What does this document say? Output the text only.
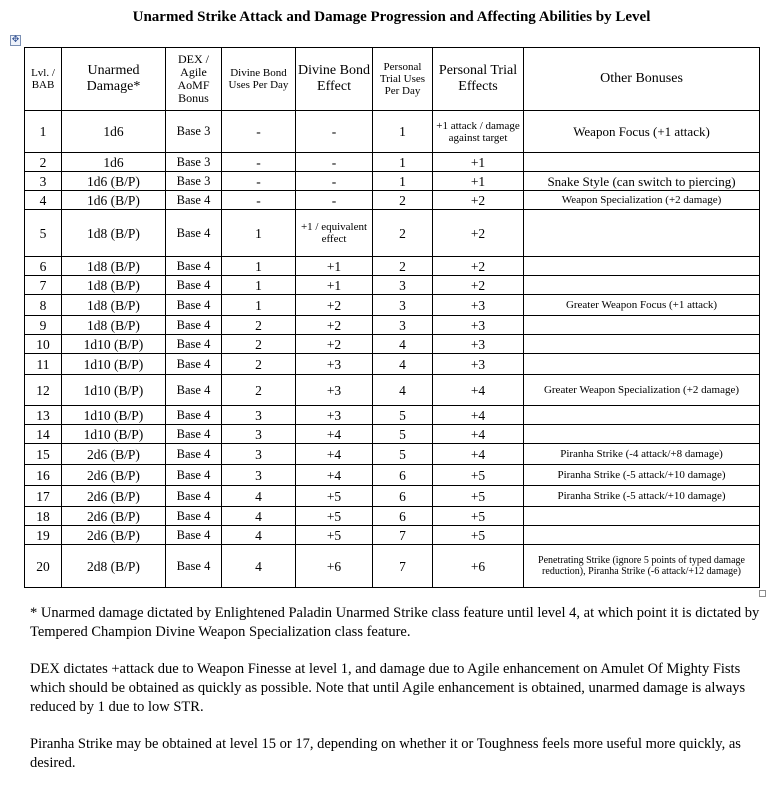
Unarmed Strike Attack and Damage Progression and Affecting Abilities by Level
✥
Lvl. / BAB	Unarmed Damage*	DEX / Agile AoMF Bonus	Divine Bond Uses Per Day	Divine Bond Effect	Personal Trial Uses Per Day	Personal Trial Effects	Other Bonuses
1	1d6	Base 3	-	-	1	+1 attack / damage against target	Weapon Focus (+1 attack)
2	1d6	Base 3	-	-	1	+1	
3	1d6 (B/P)	Base 3	-	-	1	+1	Snake Style (can switch to piercing)
4	1d6 (B/P)	Base 4	-	-	2	+2	Weapon Specialization (+2 damage)
5	1d8 (B/P)	Base 4	1	+1 / equivalent effect	2	+2	
6	1d8 (B/P)	Base 4	1	+1	2	+2	
7	1d8 (B/P)	Base 4	1	+1	3	+2	
8	1d8 (B/P)	Base 4	1	+2	3	+3	Greater Weapon Focus (+1 attack)
9	1d8 (B/P)	Base 4	2	+2	3	+3	
10	1d10 (B/P)	Base 4	2	+2	4	+3	
11	1d10 (B/P)	Base 4	2	+3	4	+3	
12	1d10 (B/P)	Base 4	2	+3	4	+4	Greater Weapon Specialization (+2 damage)
13	1d10 (B/P)	Base 4	3	+3	5	+4	
14	1d10 (B/P)	Base 4	3	+4	5	+4	
15	2d6 (B/P)	Base 4	3	+4	5	+4	Piranha Strike (-4 attack/+8 damage)
16	2d6 (B/P)	Base 4	3	+4	6	+5	Piranha Strike (-5 attack/+10 damage)
17	2d6 (B/P)	Base 4	4	+5	6	+5	Piranha Strike (-5 attack/+10 damage)
18	2d6 (B/P)	Base 4	4	+5	6	+5	
19	2d6 (B/P)	Base 4	4	+5	7	+5	
20	2d8 (B/P)	Base 4	4	+6	7	+6	Penetrating Strike (ignore 5 points of typed damage reduction), Piranha Strike (-6 attack/+12 damage)

* Unarmed damage dictated by Enlightened Paladin Unarmed Strike class feature until level 4, at which point it is dictated by Tempered Champion Divine Weapon Specialization class feature.

DEX dictates +attack due to Weapon Finesse at level 1, and damage due to Agile enhancement on Amulet Of Mighty Fists which should be obtained as quickly as possible. Note that until Agile enhancement is obtained, unarmed damage is always reduced by 1 due to low STR.

Piranha Strike may be obtained at level 15 or 17, depending on whether it or Toughness feels more useful more quickly, as desired.
